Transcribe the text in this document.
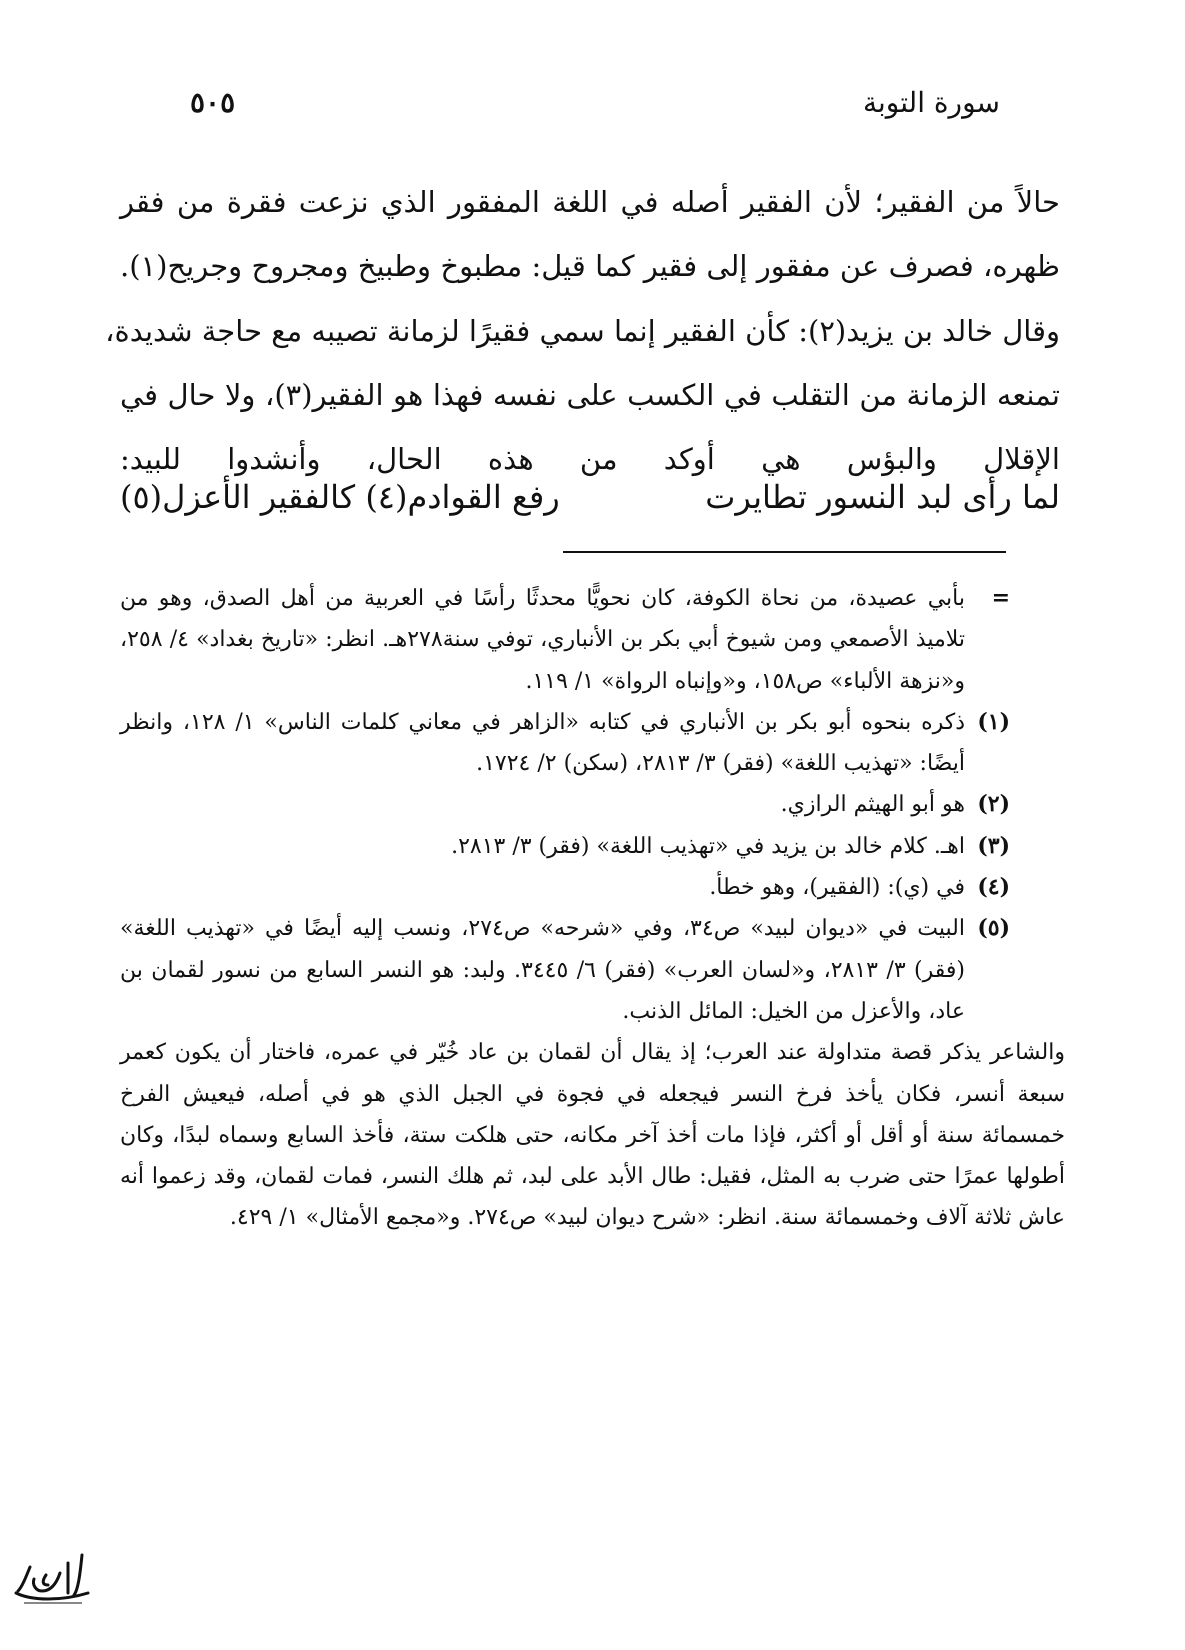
سورة التوبة
٥٠٥

حالاً من الفقير؛ لأن الفقير أصله في اللغة المفقور الذي نزعت فقرة من فقر

ظهره، فصرف عن مفقور إلى فقير كما قيل: مطبوخ وطبيخ ومجروح وجريح(١).

وقال خالد بن يزيد(٢): كأن الفقير إنما سمي فقيرًا لزمانة تصيبه مع حاجة شديدة،

تمنعه الزمانة من التقلب في الكسب على نفسه فهذا هو الفقير(٣)، ولا حال في

الإقلال والبؤس هي أوكد من هذه الحال، وأنشدوا للبيد:

لما رأى لبد النسور تطايرت
رفع القوادم(٤) كالفقير الأعزل(٥)
=
بأبي عصيدة، من نحاة الكوفة، كان نحويًّا محدثًا رأسًا في العربية من أهل الصدق، وهو من تلاميذ الأصمعي ومن شيوخ أبي بكر بن الأنباري، توفي سنة٢٧٨هـ. انظر: «تاريخ بغداد» ٤/ ٢٥٨، و«نزهة الألباء» ص١٥٨، و«وإنباه الرواة» ١/ ١١٩.
(١)
ذكره بنحوه أبو بكر بن الأنباري في كتابه «الزاهر في معاني كلمات الناس» ١/ ١٢٨، وانظر أيضًا: «تهذيب اللغة» (فقر) ٣/ ٢٨١٣، (سكن) ٢/ ١٧٢٤.
(٢)
هو أبو الهيثم الرازي.
(٣)
اهـ. كلام خالد بن يزيد في «تهذيب اللغة» (فقر) ٣/ ٢٨١٣.
(٤)
في (ي): (الفقير)، وهو خطأ.
(٥)
البيت في «ديوان لبيد» ص٣٤، وفي «شرحه» ص٢٧٤، ونسب إليه أيضًا في «تهذيب اللغة» (فقر) ٣/ ٢٨١٣، و«لسان العرب» (فقر) ٦/ ٣٤٤٥. ولبد: هو النسر السابع من نسور لقمان بن عاد، والأعزل من الخيل: المائل الذنب.
والشاعر يذكر قصة متداولة عند العرب؛ إذ يقال أن لقمان بن عاد خُيّر في عمره، فاختار أن يكون كعمر سبعة أنسر، فكان يأخذ فرخ النسر فيجعله في فجوة في الجبل الذي هو في أصله، فيعيش الفرخ خمسمائة سنة أو أقل أو أكثر، فإذا مات أخذ آخر مكانه، حتى هلكت ستة، فأخذ السابع وسماه لبدًا، وكان أطولها عمرًا حتى ضرب به المثل، فقيل: طال الأبد على لبد، ثم هلك النسر، فمات لقمان، وقد زعموا أنه عاش ثلاثة آلاف وخمسمائة سنة. انظر: «شرح ديوان لبيد» ص٢٧٤. و«مجمع الأمثال» ١/ ٤٢٩.
